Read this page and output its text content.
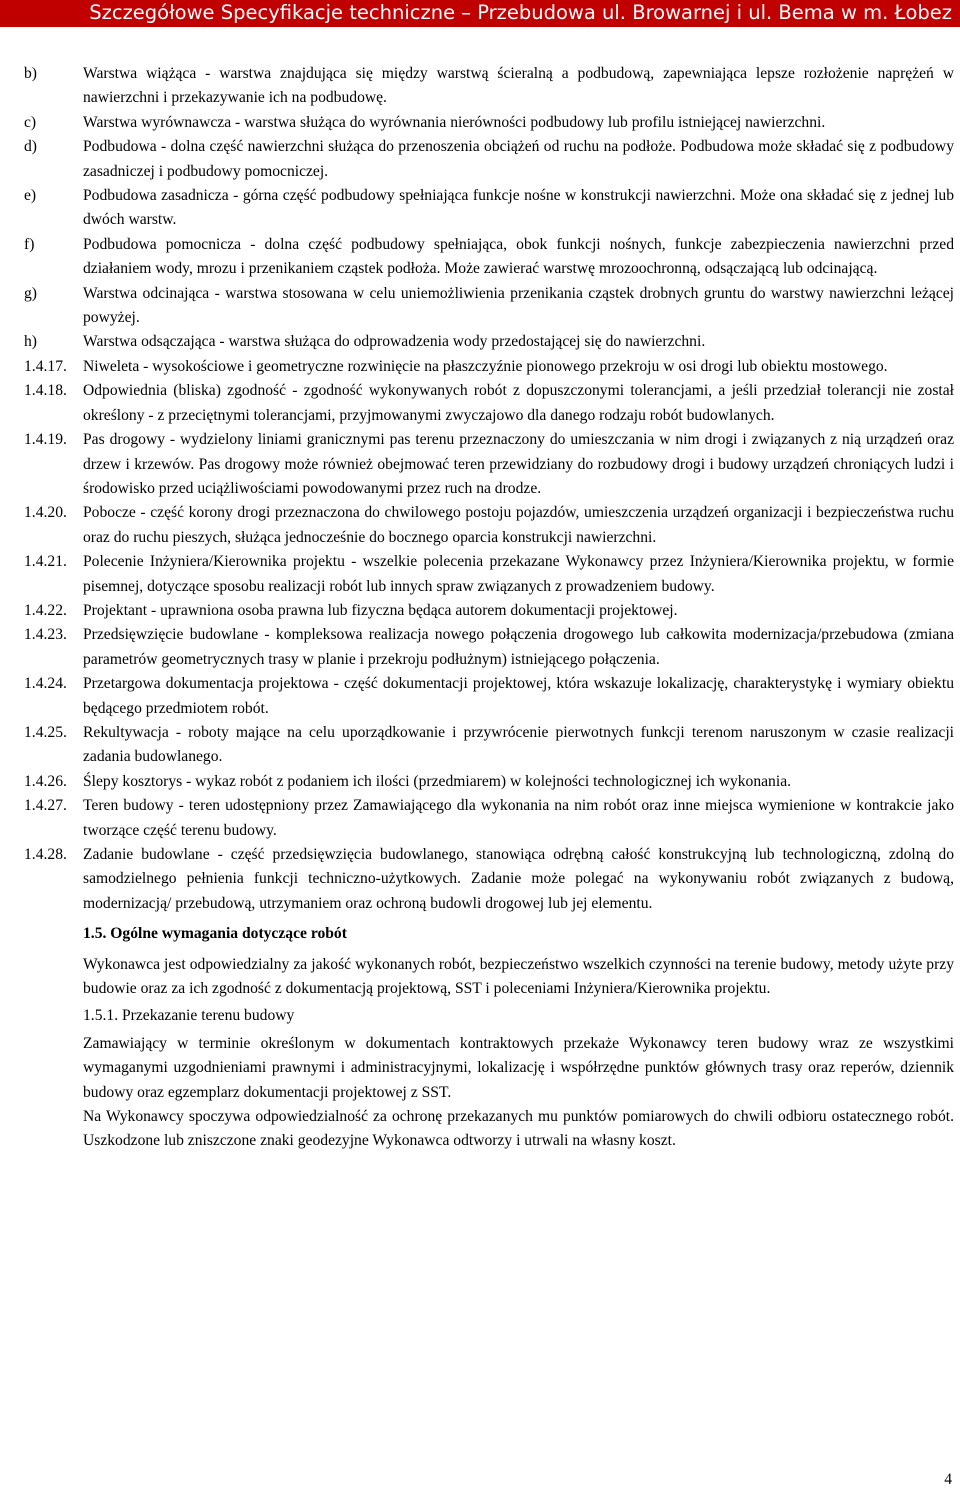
Szczegółowe Specyfikacje techniczne – Przebudowa ul. Browarnej i ul. Bema w m. Łobez
b)	Warstwa wiążąca - warstwa znajdująca się między warstwą ścieralną a podbudową, zapewniająca lepsze rozłożenie naprężeń w nawierzchni i przekazywanie ich na podbudowę.
c)	Warstwa wyrównawcza - warstwa służąca do wyrównania nierówności podbudowy lub profilu istniejącej nawierzchni.
d)	Podbudowa - dolna część nawierzchni służąca do przenoszenia obciążeń od ruchu na podłoże. Podbudowa może składać się z podbudowy zasadniczej i podbudowy pomocniczej.
e)	Podbudowa zasadnicza - górna część podbudowy spełniająca funkcje nośne w konstrukcji nawierzchni. Może ona składać się z jednej lub dwóch warstw.
f)	Podbudowa pomocnicza - dolna część podbudowy spełniająca, obok funkcji nośnych, funkcje zabezpieczenia nawierzchni przed działaniem wody, mrozu i przenikaniem cząstek podłoża. Może zawierać warstwę mrozoochronną, odsączającą lub odcinającą.
g)	Warstwa odcinająca - warstwa stosowana w celu uniemożliwienia przenikania cząstek drobnych gruntu do warstwy nawierzchni leżącej powyżej.
h)	Warstwa odsączająca - warstwa służąca do odprowadzenia wody przedostającej się do nawierzchni.
1.4.17.	Niweleta - wysokościowe i geometryczne rozwinięcie na płaszczyźnie pionowego przekroju w osi drogi lub obiektu mostowego.
1.4.18.	Odpowiednia (bliska) zgodność - zgodność wykonywanych robót z dopuszczonymi tolerancjami, a jeśli przedział tolerancji nie został określony - z przeciętnymi tolerancjami, przyjmowanymi zwyczajowo dla danego rodzaju robót budowlanych.
1.4.19.	Pas drogowy - wydzielony liniami granicznymi pas terenu przeznaczony do umieszczania w nim drogi i związanych z nią urządzeń oraz drzew i krzewów. Pas drogowy może również obejmować teren przewidziany do rozbudowy drogi i budowy urządzeń chroniących ludzi i środowisko przed uciążliwościami powodowanymi przez ruch na drodze.
1.4.20.	Pobocze - część korony drogi przeznaczona do chwilowego postoju pojazdów, umieszczenia urządzeń organizacji i bezpieczeństwa ruchu oraz do ruchu pieszych, służąca jednocześnie do bocznego oparcia konstrukcji nawierzchni.
1.4.21.	Polecenie Inżyniera/Kierownika projektu - wszelkie polecenia przekazane Wykonawcy przez Inżyniera/Kierownika projektu, w formie pisemnej, dotyczące sposobu realizacji robót lub innych spraw związanych z prowadzeniem budowy.
1.4.22.	Projektant - uprawniona osoba prawna lub fizyczna będąca autorem dokumentacji projektowej.
1.4.23.	Przedsięwzięcie budowlane - kompleksowa realizacja nowego połączenia drogowego lub całkowita modernizacja/przebudowa (zmiana parametrów geometrycznych trasy w planie i przekroju podłużnym) istniejącego połączenia.
1.4.24.	Przetargowa dokumentacja projektowa - część dokumentacji projektowej, która wskazuje lokalizację, charakterystykę i wymiary obiektu będącego przedmiotem robót.
1.4.25.	Rekultywacja - roboty mające na celu uporządkowanie i przywrócenie pierwotnych funkcji terenom naruszonym w czasie realizacji zadania budowlanego.
1.4.26.	Ślepy kosztorys - wykaz robót z podaniem ich ilości (przedmiarem) w kolejności technologicznej ich wykonania.
1.4.27.	Teren budowy - teren udostępniony przez Zamawiającego dla wykonania na nim robót oraz inne miejsca wymienione w kontrakcie jako tworzące część terenu budowy.
1.4.28.	Zadanie budowlane - część przedsięwzięcia budowlanego, stanowiąca odrębną całość konstrukcyjną lub technologiczną, zdolną do samodzielnego pełnienia funkcji techniczno-użytkowych. Zadanie może polegać na wykonywaniu robót związanych z budową, modernizacją/ przebudową, utrzymaniem oraz ochroną budowli drogowej lub jej elementu.
1.5. Ogólne wymagania dotyczące robót
Wykonawca jest odpowiedzialny za jakość wykonanych robót, bezpieczeństwo wszelkich czynności na terenie budowy, metody użyte przy budowie oraz za ich zgodność z dokumentacją projektową, SST i poleceniami Inżyniera/Kierownika projektu.
1.5.1. Przekazanie terenu budowy
Zamawiający w terminie określonym w dokumentach kontraktowych przekaże Wykonawcy teren budowy wraz ze wszystkimi wymaganymi uzgodnieniami prawnymi i administracyjnymi, lokalizację i współrzędne punktów głównych trasy oraz reperów, dziennik budowy oraz egzemplarz dokumentacji projektowej z SST.
Na Wykonawcy spoczywa odpowiedzialność za ochronę przekazanych mu punktów pomiarowych do chwili odbioru ostatecznego robót. Uszkodzone lub zniszczone znaki geodezyjne Wykonawca odtworzy i utrwali na własny koszt.
4
